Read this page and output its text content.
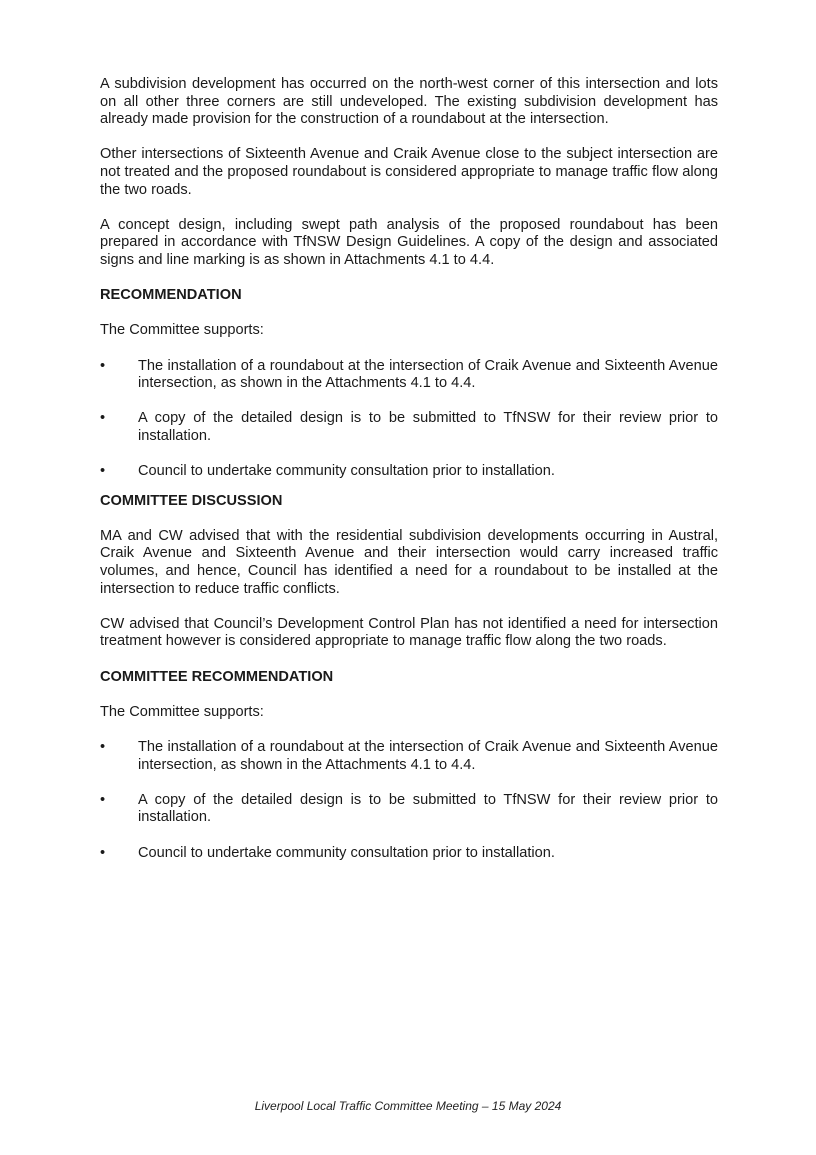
A subdivision development has occurred on the north-west corner of this intersection and lots on all other three corners are still undeveloped. The existing subdivision development has already made provision for the construction of a roundabout at the intersection.

Other intersections of Sixteenth Avenue and Craik Avenue close to the subject intersection are not treated and the proposed roundabout is considered appropriate to manage traffic flow along the two roads.

A concept design, including swept path analysis of the proposed roundabout has been prepared in accordance with TfNSW Design Guidelines. A copy of the design and associated signs and line marking is as shown in Attachments 4.1 to 4.4.

RECOMMENDATION

The Committee supports:

• The installation of a roundabout at the intersection of Craik Avenue and Sixteenth Avenue intersection, as shown in the Attachments 4.1 to 4.4.
• A copy of the detailed design is to be submitted to TfNSW for their review prior to installation.
• Council to undertake community consultation prior to installation.
COMMITTEE DISCUSSION

MA and CW advised that with the residential subdivision developments occurring in Austral, Craik Avenue and Sixteenth Avenue and their intersection would carry increased traffic volumes, and hence, Council has identified a need for a roundabout to be installed at the intersection to reduce traffic conflicts.

CW advised that Council’s Development Control Plan has not identified a need for intersection treatment however is considered appropriate to manage traffic flow along the two roads.

COMMITTEE RECOMMENDATION

The Committee supports:

• The installation of a roundabout at the intersection of Craik Avenue and Sixteenth Avenue intersection, as shown in the Attachments 4.1 to 4.4.
• A copy of the detailed design is to be submitted to TfNSW for their review prior to installation.
• Council to undertake community consultation prior to installation.
Liverpool Local Traffic Committee Meeting – 15 May 2024
